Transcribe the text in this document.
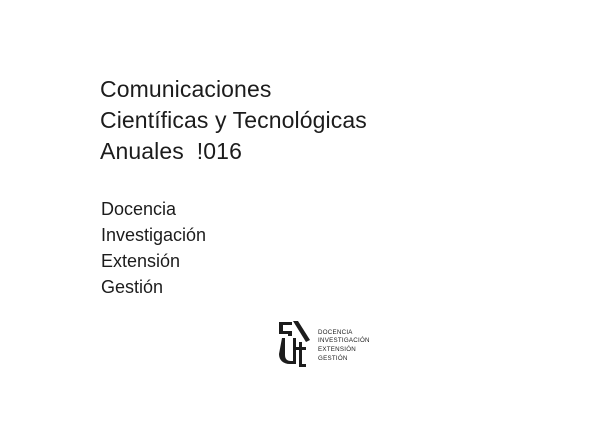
Comunicaciones
Científicas y Tecnológicas
Anuales  !016
Docencia
Investigación
Extensión
Gestión
DOCENCIA
INVESTIGACIÓN
EXTENSIÓN
GESTIÓN
